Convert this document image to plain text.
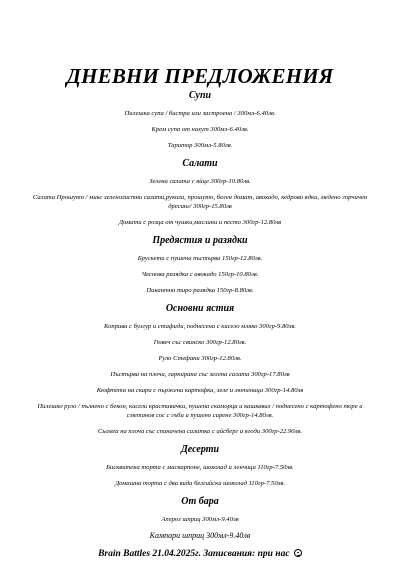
ДНЕВНИ ПРЕДЛОЖЕНИЯ

Супи

Пилешка супа / бистра или застроена / 300мл-6.40лв.

Крем супа от нахут 300мл-6.40лв.

Таратор 300мл-5.80лв.

Салати

Зелена салата с яйце 300гр-10.80лв.

Салата Прошуто / микс зеленолистни салати,рукола, прошуто, белен домат, авокадо, кедрови ядки, медено горчичен дресинг/ 300гр-15.80лв

Домати с розца от чушки,маслини и песто 300гр-12.80лв

Предястия и разядки

Брускети с пушена пъстърва 150гр-12.80лв.

Чеснова разядка с авокадо 150гр-10.80лв.

Пикантна тиро разядка 150гр-8.80лв.

Основни ястия

Коприва с булгур и стафиди, поднесена с кисело мляко 300гр-9.80лв.

Гювеч със свинско 300гр-12.80лв.

Руло Стефани 300гр-12.80лв.

Пъстърва на плоча, гарнирана със зелена салата 300гр-17.80лв

Кюфтета на скара с пържени картофки, зеле и лютеница 300гр-14.80лв

Пилешко руло / пълнено с бекон, кисели краставички, пушена скаморца и кашкавал / поднесено с картофено пюре и сметанов сос с гъби и пушено сирене 300гр-14.80лв.

Сьомга на плоча със спаначена салатка с айсберг и ягоди 300гр-22.90лв.

Десерти

Бисквитена торта с маскарпоне, шоколад и ленчици 110гр-7.50лв.

Домашна торта с два вида белгийски шоколад 110гр-7.50лв.

От бара

Апероз шприц 300мл-9.40лв

Кампари шприц 300мл-9.40лв

Brain Battles 21.04.2025г. Записвания: при нас
